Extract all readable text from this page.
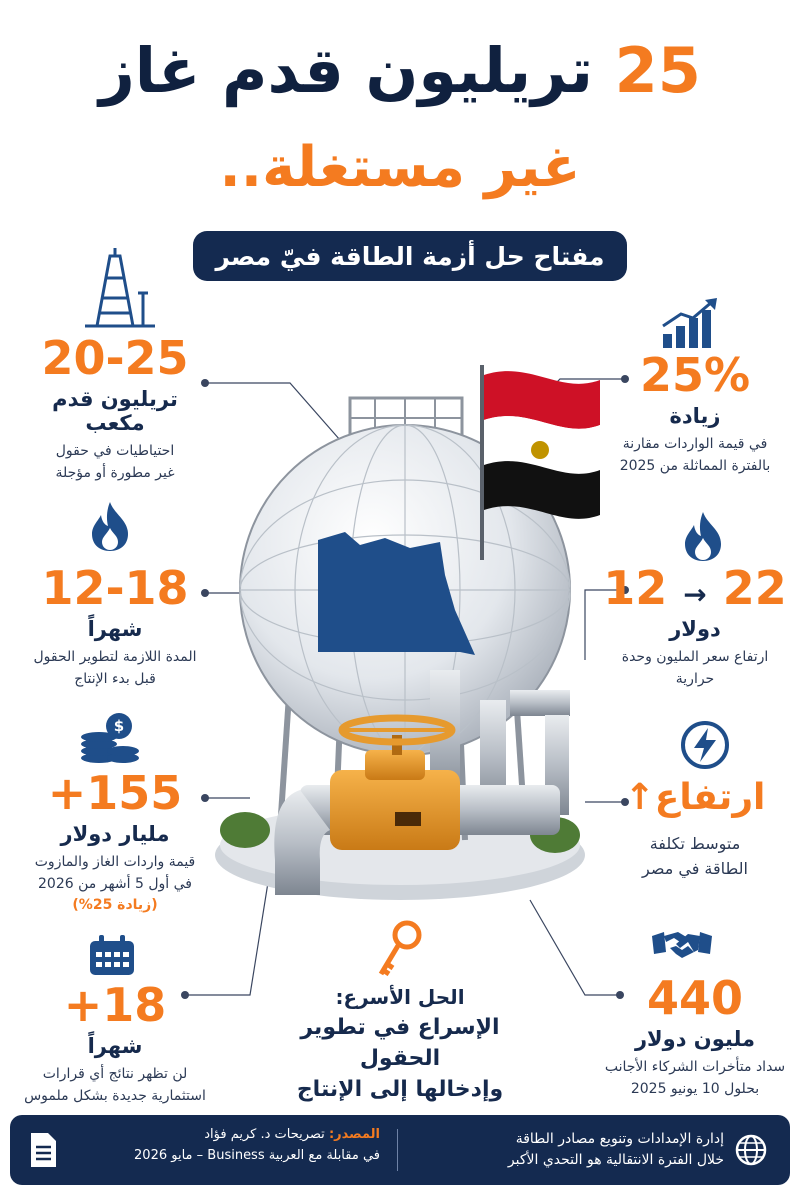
25 تريليون قدم غاز
غير مستغلة..
مفتاح حل أزمة الطاقة فيّ مصر
20-25
تريليون قدم مكعب
احتياطيات في حقول
غير مطورة أو مؤجلة
12-18
شهراً
المدة اللازمة لتطوير الحقول
قبل بدء الإنتاج
$
155+
مليار دولار
قيمة واردات الغاز والمازوت
في أول 5 أشهر من 2026
(زيادة 25%)
18+
شهراً
لن تظهر نتائج أي قرارات
استثمارية جديدة بشكل ملموس
25%
زيادة
في قيمة الواردات مقارنة
بالفترة المماثلة من 2025
12 → 22
دولار
ارتفاع سعر المليون وحدة
حرارية
ارتفاع↑
متوسط تكلفة
الطاقة في مصر
440
مليون دولار
سداد متأخرات الشركاء الأجانب
بحلول 10 يونيو 2025
الحل الأسرع:
الإسراع في تطوير الحقول
وإدخالها إلى الإنتاج
إدارة الإمدادات وتنويع مصادر الطاقة
خلال الفترة الانتقالية هو التحدي الأكبر
المصدر: تصريحات د. كريم فؤاد
في مقابلة مع العربية Business – مايو 2026
